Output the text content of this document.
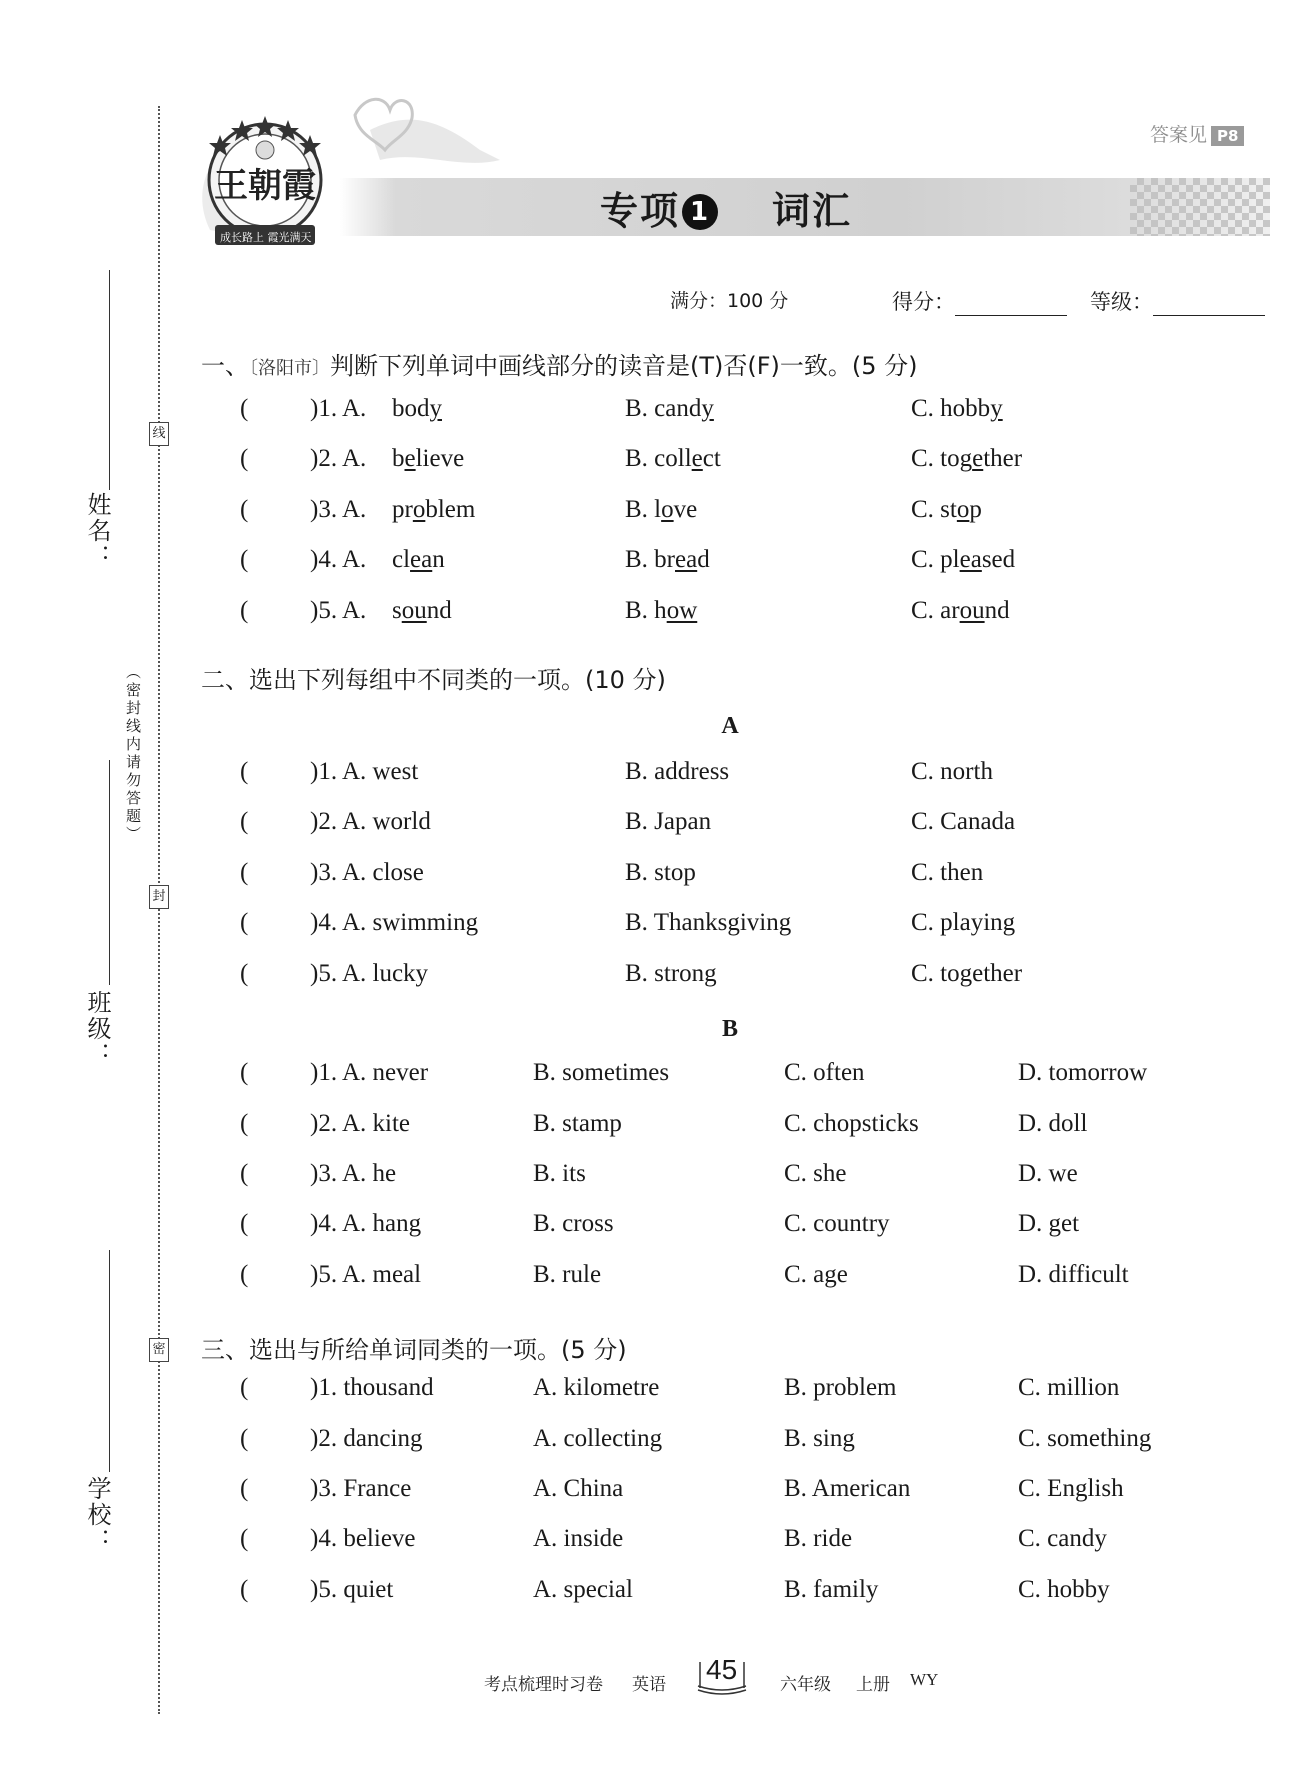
线
封
密
姓名：
（密封线内请勿答题）
班级：
学校：
王朝霞
成长路上 霞光满天
专项 1 词汇
答案见 P8
满分：100 分	得分：	等级：
一、〔洛阳市〕判断下列单词中画线部分的读音是(T)否(F)一致。(5 分)
( )1. A. body	B. candy	C. hobby
( )2. A. believe	B. collect	C. together
( )3. A. problem	B. love	C. stop
( )4. A. clean	B. bread	C. pleased
( )5. A. sound	B. how	C. around
二、选出下列每组中不同类的一项。(10 分)
A
( )1. A. west	B. address	C. north
( )2. A. world	B. Japan	C. Canada
( )3. A. close	B. stop	C. then
( )4. A. swimming	B. Thanksgiving	C. playing
( )5. A. lucky	B. strong	C. together
B
( )1. A. never	B. sometimes	C. often	D. tomorrow
( )2. A. kite	B. stamp	C. chopsticks	D. doll
( )3. A. he	B. its	C. she	D. we
( )4. A. hang	B. cross	C. country	D. get
( )5. A. meal	B. rule	C. age	D. difficult
三、选出与所给单词同类的一项。(5 分)
( )1. thousand	A. kilometre	B. problem	C. million
( )2. dancing	A. collecting	B. sing	C. something
( )3. France	A. China	B. American	C. English
( )4. believe	A. inside	B. ride	C. candy
( )5. quiet	A. special	B. family	C. hobby
考点梳理时习卷 英语 45	六年级 上册 WY
